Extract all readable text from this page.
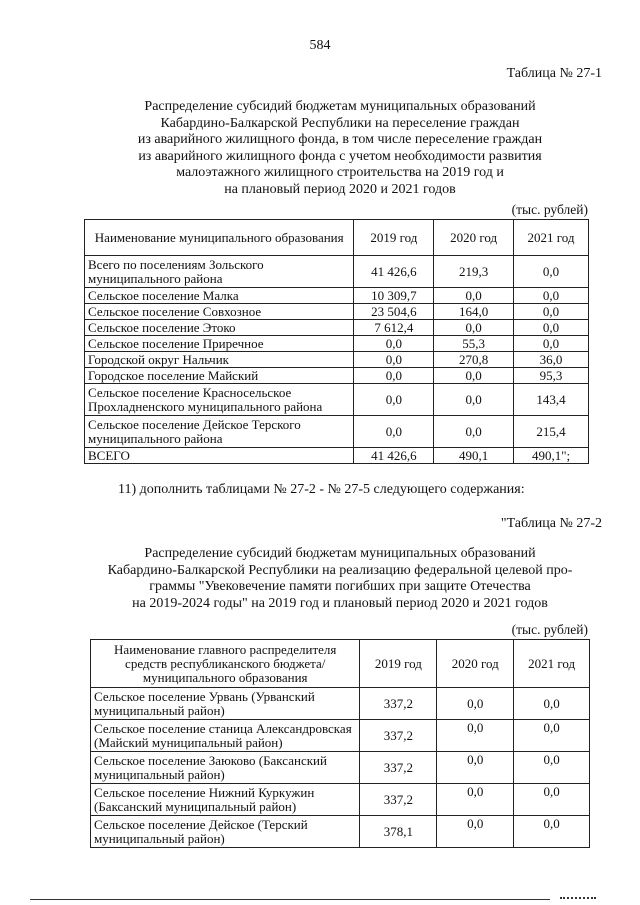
584
Таблица № 27-1
Распределение субсидий бюджетам муниципальных образований
Кабардино-Балкарской Республики на переселение граждан
из аварийного жилищного фонда, в том числе переселение граждан
из аварийного жилищного фонда с учетом необходимости развития
малоэтажного жилищного строительства на 2019 год и
на плановый период 2020 и 2021 годов
(тыс. рублей)
Наименование муниципального образования	2019 год	2020 год	2021 год
Всего по поселениям Зольского муниципального района	41 426,6	219,3	0,0
Сельское поселение Малка	10 309,7	0,0	0,0
Сельское поселение Совхозное	23 504,6	164,0	0,0
Сельское поселение Этоко	7 612,4	0,0	0,0
Сельское поселение Приречное	0,0	55,3	0,0
Городской округ Нальчик	0,0	270,8	36,0
Городское поселение Майский	0,0	0,0	95,3
Сельское поселение Красносельское Прохладненского муниципального района	0,0	0,0	143,4
Сельское поселение Дейское Терского муниципального района	0,0	0,0	215,4
ВСЕГО	41 426,6	490,1	490,1";
11) дополнить таблицами № 27-2 - № 27-5 следующего содержания:
"Таблица № 27-2
Распределение субсидий бюджетам муниципальных образований
Кабардино-Балкарской Республики на реализацию федеральной целевой про-
граммы "Увековечение памяти погибших при защите Отечества
на 2019-2024 годы" на 2019 год и плановый период 2020 и 2021 годов
(тыс. рублей)
Наименование главного распределителя средств республиканского бюджета/ муниципального образования	2019 год	2020 год	2021 год
Сельское поселение Урвань (Урванский муниципальный район)	337,2	0,0	0,0
Сельское поселение станица Александровская (Майский муниципальный район)	337,2	0,0	0,0
Сельское поселение Заюково (Баксанский муниципальный район)	337,2	0,0	0,0
Сельское поселение Нижний Куркужин (Баксанский муниципальный район)	337,2	0,0	0,0
Сельское поселение Дейское (Терский муниципальный район)	378,1	0,0	0,0
